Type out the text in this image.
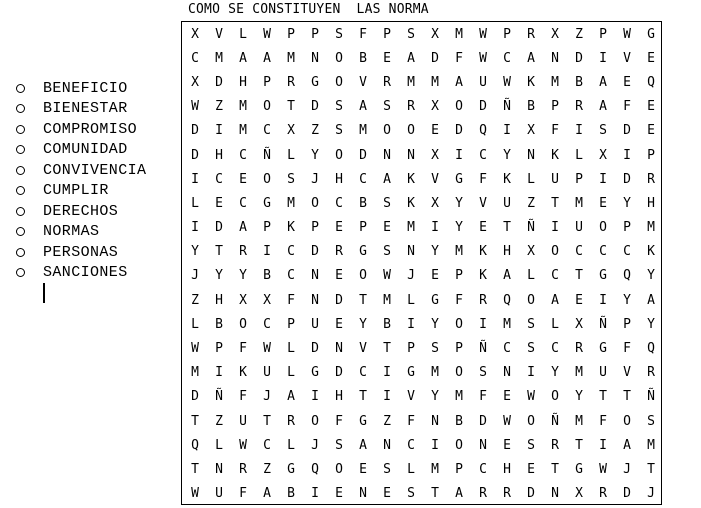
COMO SE CONSTITUYEN  LAS NORMA
BENEFICIO
BIENESTAR
COMPROMISO
COMUNIDAD
CONVIVENCIA
CUMPLIR
DERECHOS
NORMAS
PERSONAS
SANCIONES
X	V	L	W	P	P	S	F	P	S	X	M	W	P	R	X	Z	P	W	G
C	M	A	A	M	N	O	B	E	A	D	F	W	C	A	N	D	I	V	E
X	D	H	P	R	G	O	V	R	M	M	A	U	W	K	M	B	A	E	Q
W	Z	M	O	T	D	S	A	S	R	X	O	D	Ñ	B	P	R	A	F	E
D	I	M	C	X	Z	S	M	O	O	E	D	Q	I	X	F	I	S	D	E
D	H	C	Ñ	L	Y	O	D	N	N	X	I	C	Y	N	K	L	X	I	P
I	C	E	O	S	J	H	C	A	K	V	G	F	K	L	U	P	I	D	R
L	E	C	G	M	O	C	B	S	K	X	Y	V	U	Z	T	M	E	Y	H
I	D	A	P	K	P	E	P	E	M	I	Y	E	T	Ñ	I	U	O	P	M
Y	T	R	I	C	D	R	G	S	N	Y	M	K	H	X	O	C	C	C	K
J	Y	Y	B	C	N	E	O	W	J	E	P	K	A	L	C	T	G	Q	Y
Z	H	X	X	F	N	D	T	M	L	G	F	R	Q	O	A	E	I	Y	A
L	B	O	C	P	U	E	Y	B	I	Y	O	I	M	S	L	X	Ñ	P	Y
W	P	F	W	L	D	N	V	T	P	S	P	Ñ	C	S	C	R	G	F	Q
M	I	K	U	L	G	D	C	I	G	M	O	S	N	I	Y	M	U	V	R
D	Ñ	F	J	A	I	H	T	I	V	Y	M	F	E	W	O	Y	T	T	Ñ
T	Z	U	T	R	O	F	G	Z	F	N	B	D	W	O	Ñ	M	F	O	S
Q	L	W	C	L	J	S	A	N	C	I	O	N	E	S	R	T	I	A	M
T	N	R	Z	G	Q	O	E	S	L	M	P	C	H	E	T	G	W	J	T
W	U	F	A	B	I	E	N	E	S	T	A	R	R	D	N	X	R	D	J
